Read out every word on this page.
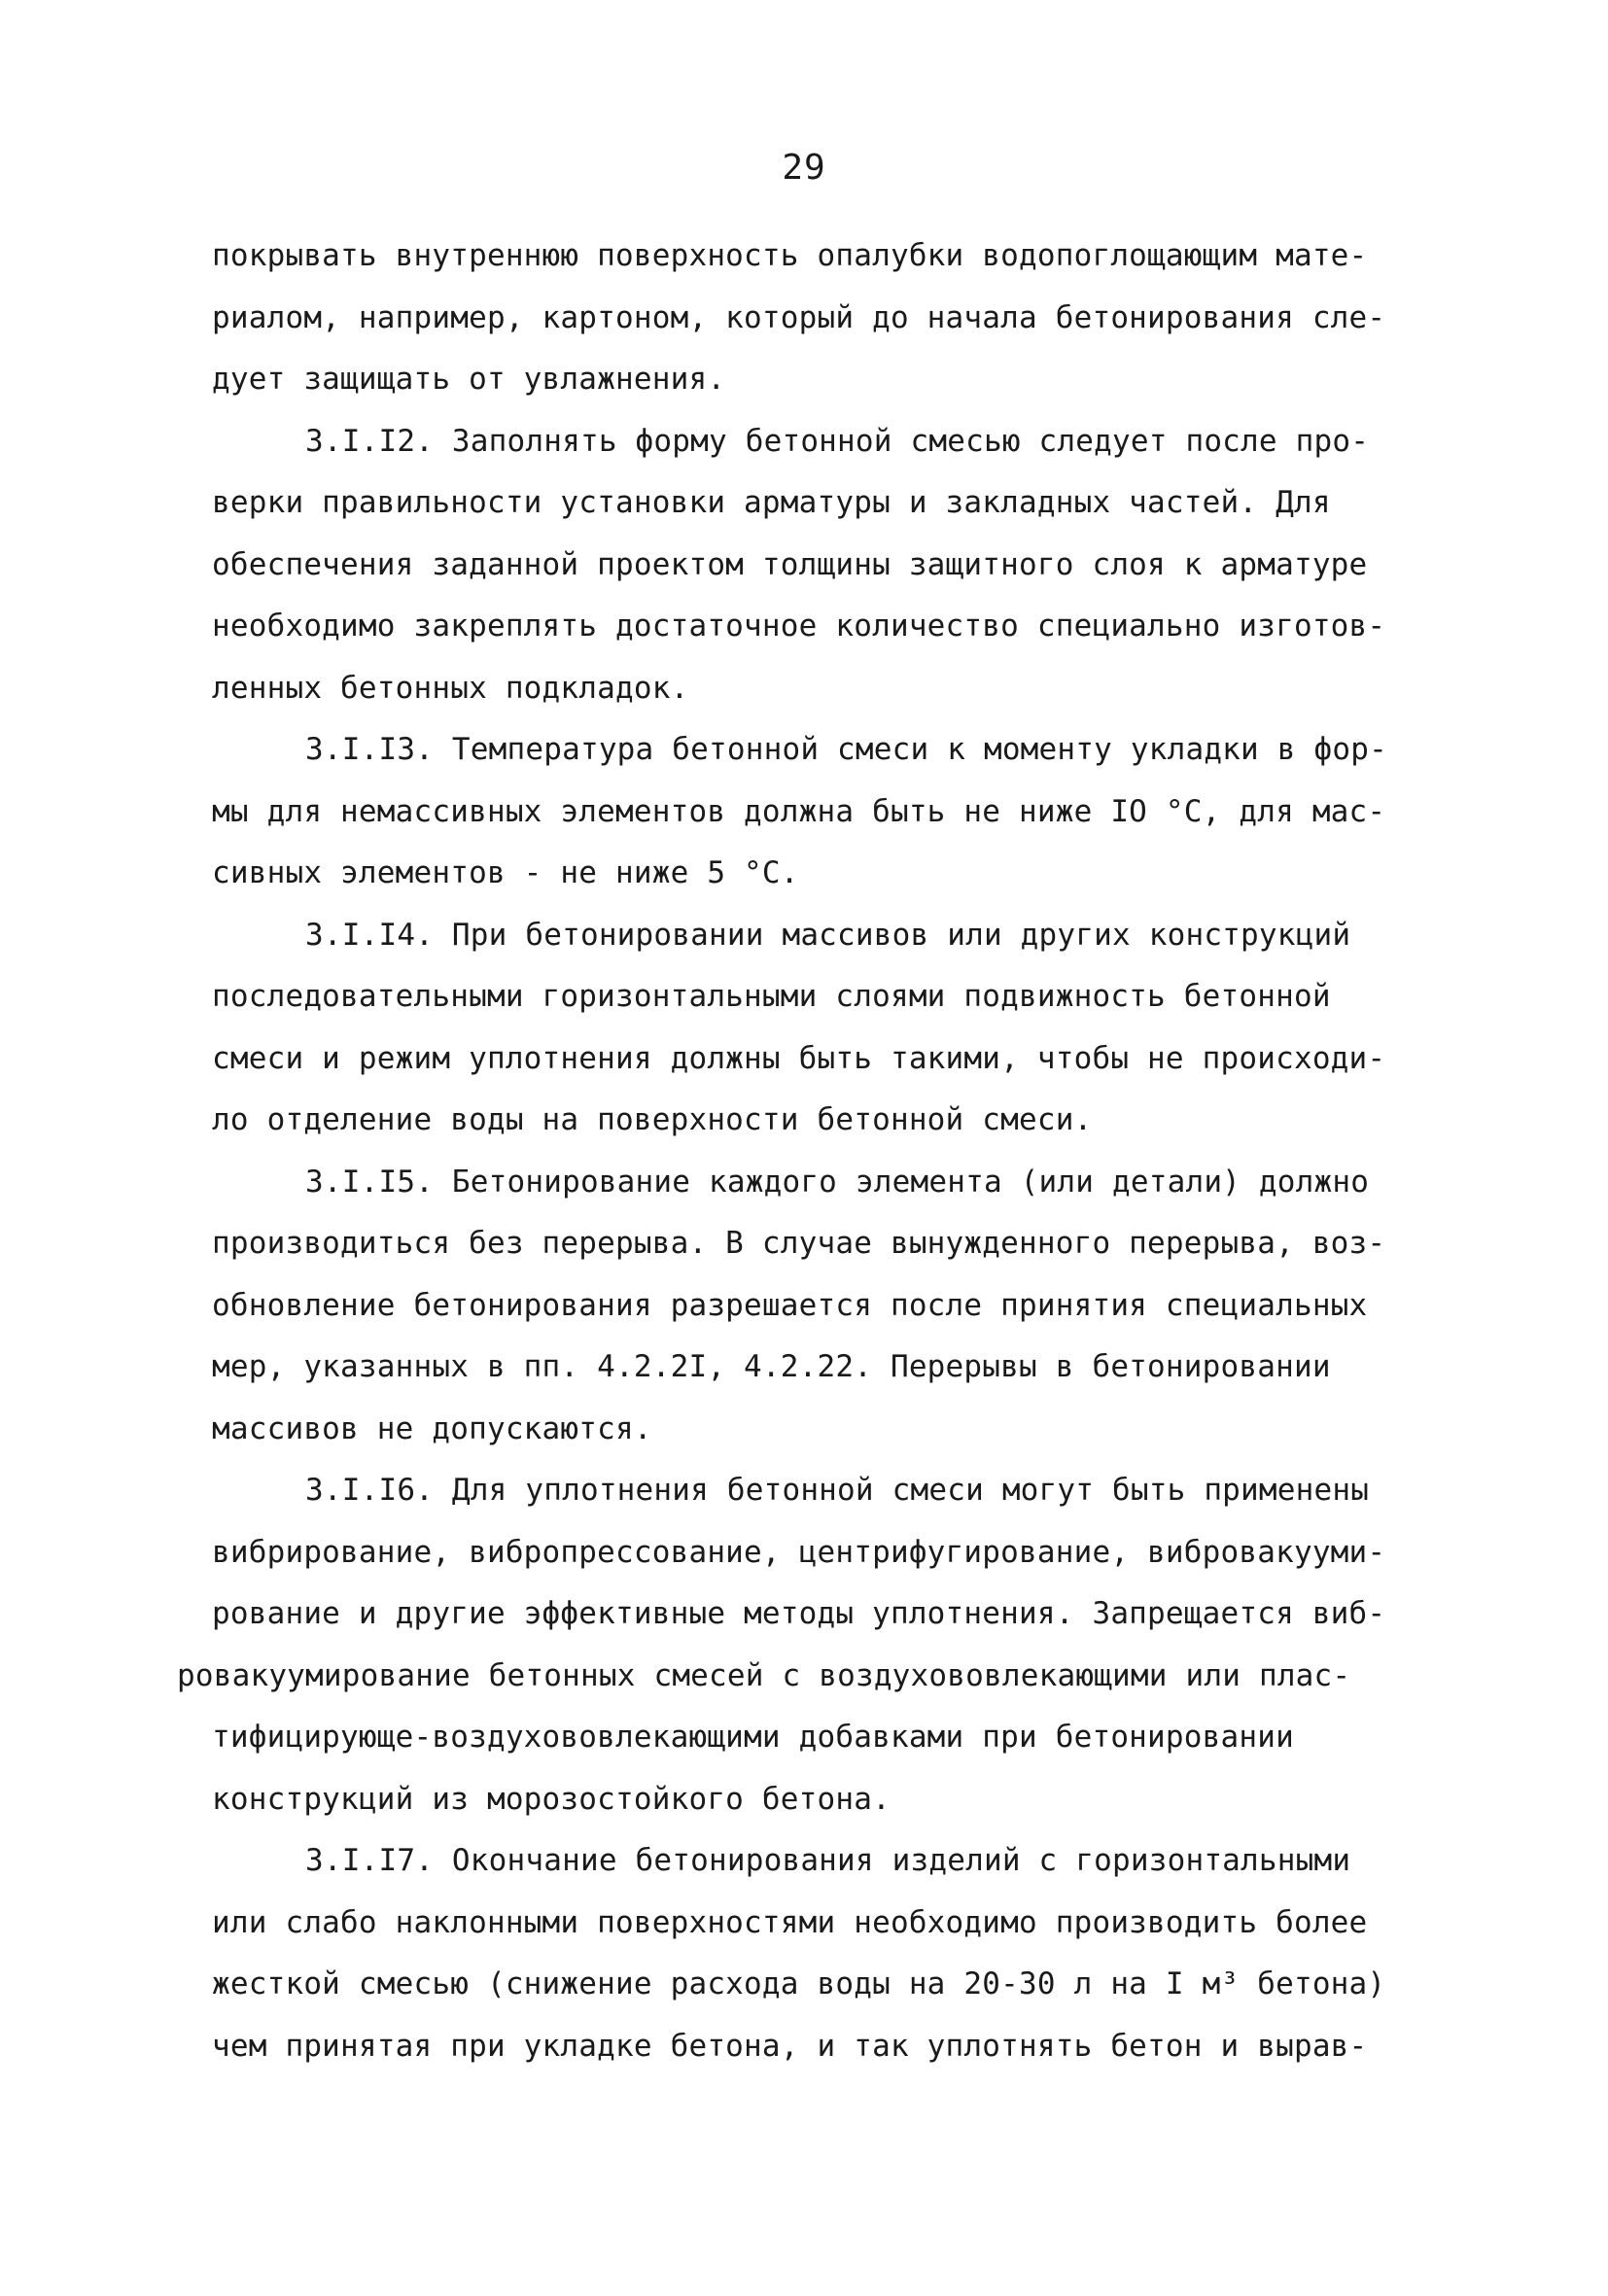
29
покрывать внутреннюю поверхность опалубки водопоглощающим мате-
риалом, например, картоном, который до начала бетонирования сле-
дует защищать от увлажнения.
3.I.I2. Заполнять форму бетонной смесью следует после про-
верки правильности установки арматуры и закладных частей. Для
обеспечения заданной проектом толщины защитного слоя к арматуре
необходимо закреплять достаточное количество специально изготов-
ленных бетонных подкладок.
3.I.I3. Температура бетонной смеси к моменту укладки в фор-
мы для немассивных элементов должна быть не ниже IO °C, для мас-
сивных элементов - не ниже 5 °C.
3.I.I4. При бетонировании массивов или других конструкций
последовательными горизонтальными слоями подвижность бетонной
смеси и режим уплотнения должны быть такими, чтобы не происходи-
ло отделение воды на поверхности бетонной смеси.
3.I.I5. Бетонирование каждого элемента (или детали) должно
производиться без перерыва. В случае вынужденного перерыва, воз-
обновление бетонирования разрешается после принятия специальных
мер, указанных в пп. 4.2.2I, 4.2.22. Перерывы в бетонировании
массивов не допускаются.
3.I.I6. Для уплотнения бетонной смеси могут быть применены
вибрирование, вибропрессование, центрифугирование, вибровакууми-
рование и другие эффективные методы уплотнения. Запрещается виб-
ровакуумирование бетонных смесей с воздухововлекающими или плас-
тифицирующе-воздухововлекающими добавками при бетонировании
конструкций из морозостойкого бетона.
3.I.I7. Окончание бетонирования изделий с горизонтальными
или слабо наклонными поверхностями необходимо производить более
жесткой смесью (снижение расхода воды на 20-30 л на I м³ бетона)
чем принятая при укладке бетона, и так уплотнять бетон и вырав-
